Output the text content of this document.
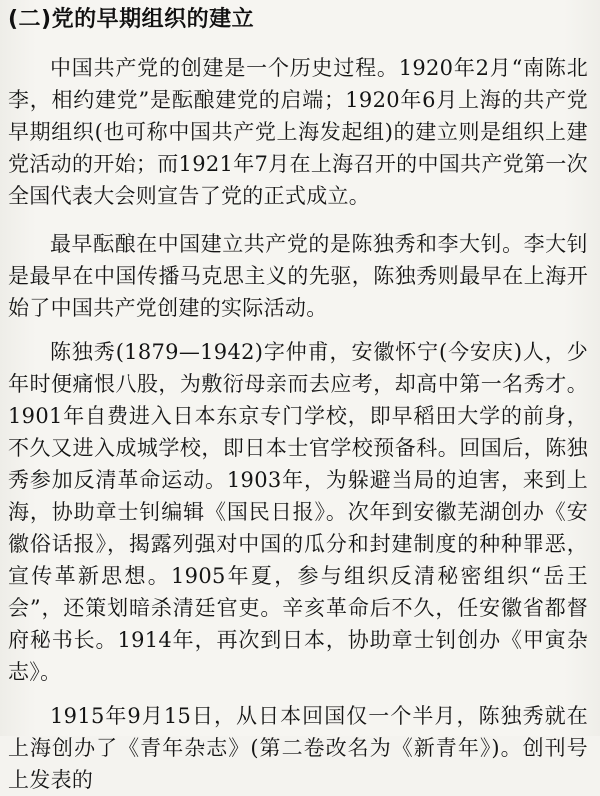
(二)党的早期组织的建立

中国共产党的创建是一个历史过程。1920年2月“南陈北李，相约建党”是酝酿建党的启端；1920年6月上海的共产党早期组织(也可称中国共产党上海发起组)的建立则是组织上建党活动的开始；而1921年7月在上海召开的中国共产党第一次全国代表大会则宣告了党的正式成立。

最早酝酿在中国建立共产党的是陈独秀和李大钊。李大钊是最早在中国传播马克思主义的先驱，陈独秀则最早在上海开始了中国共产党创建的实际活动。

陈独秀(1879—1942)字仲甫，安徽怀宁(今安庆)人，少年时便痛恨八股，为敷衍母亲而去应考，却高中第一名秀才。1901年自费进入日本东京专门学校，即早稻田大学的前身，不久又进入成城学校，即日本士官学校预备科。回国后，陈独秀参加反清革命运动。1903年，为躲避当局的迫害，来到上海，协助章士钊编辑《国民日报》。次年到安徽芜湖创办《安徽俗话报》，揭露列强对中国的瓜分和封建制度的种种罪恶，宣传革新思想。1905年夏，参与组织反清秘密组织“岳王会”，还策划暗杀清廷官吏。辛亥革命后不久，任安徽省都督府秘书长。1914年，再次到日本，协助章士钊创办《甲寅杂志》。

1915年9月15日，从日本回国仅一个半月，陈独秀就在上海创办了《青年杂志》(第二卷改名为《新青年》)。创刊号上发表的
